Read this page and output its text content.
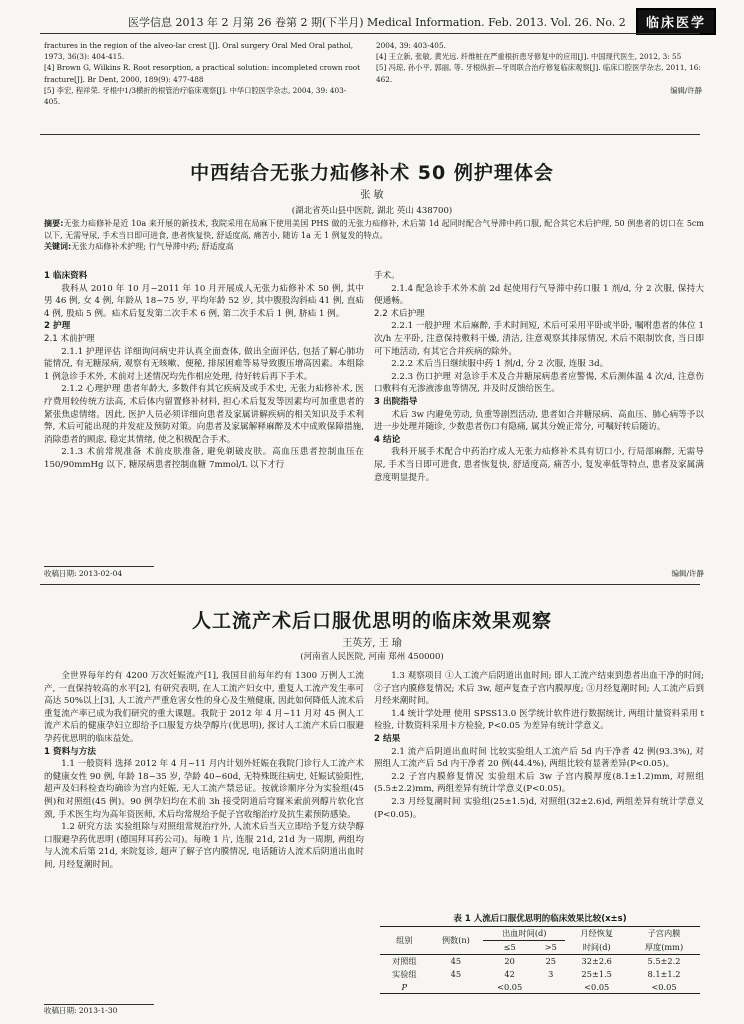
医学信息 2013 年 2 月第 26 卷第 2 期(下半月) Medical Information. Feb. 2013. Vol. 26. No. 2	临床医学
fractures in the region of the alveo-lar crest [J]. Oral surgery Oral Med Oral pathol, 1973, 36(3): 404-415.
[4] Brown G, Wilkins R. Root resorption, a practical solution: incompleted crown root fracture[J]. Br Dent, 2000, 189(9): 477-488
[5] 李宏, 程祥荣. 牙根中1/3横折的根管治疗临床观察[J]. 中华口腔医学杂志, 2004, 39: 403-405.
2004, 39: 403-405.
[4] 王立新, 张敏, 黄光远. 纤维桩在严重根折患牙修复中的应用[J]. 中国现代医生, 2012, 3: 55
[5] 冯琼, 孙小平, 郭丽, 等. 牙根纵折—牙周联合治疗修复临床观察[J]. 临床口腔医学杂志, 2011, 16: 462.
编辑/许静
中西结合无张力疝修补术 50 例护理体会
张 敏
(湖北省英山县中医院, 湖北 英山 438700)
摘要:无张力疝修补是近 10a 来开展的新技术, 我院采用在局麻下使用美国 PHS 做的无张力疝修补, 术后第 1d 起同时配合气导滞中药口服, 配合其它术后护理, 50 例患者的切口在 5cm 以下, 无需导尿, 手术当日即可进食, 患者恢复快, 舒适度高, 痛苦小, 随访 1a 无 1 例复发的特点。
关键词:无张力疝修补术护理; 行气导滞中药; 舒适度高

1 临床资料

我科从 2010 年 10 月~2011 年 10 月开展成人无张力疝修补术 50 例, 其中男 46 例, 女 4 例, 年龄从 18~75 岁, 平均年龄 52 岁, 其中腹股沟斜疝 41 例, 直疝 4 例, 股疝 5 例。疝术后复发第二次手术 6 例, 第二次手术后 1 例, 脐疝 1 例。

2 护理

2.1 术前护理

2.1.1 护理评估 详细询问病史并认真全面查体, 做出全面评估, 包括了解心肺功能情况, 有无糖尿病, 观察有无咳嗽、便秘, 排尿困难等易导致腹压增高因素。本组除 1 例急诊手术外, 术前对上述情况均先作相应处理, 待好转后再下手术。

2.1.2 心理护理 患者年龄大, 多数伴有其它疾病及或手术史, 无张力疝修补术, 医疗费用较传统方法高, 术后体内留置修补材料, 担心术后复发等因素均可加重患者的紧张焦虑情绪。因此, 医护人员必须详细向患者及家属讲解疾病的相关知识及手术利弊, 术后可能出现的并发症及预防对策。向患者及家属解释麻醉及术中成败保障措施, 消除患者的顾虑, 稳定其情绪, 使之积极配合手术。

2.1.3 术前常规准备 术前皮肤准备, 避免剃破皮肤。高血压患者控制血压在 150/90mmHg 以下, 糖尿病患者控制血糖 7mmol/L 以下才行

手术。

2.1.4 配急诊手术外术前 2d 起使用行气导滞中药口服 1 剂/d, 分 2 次服, 保持大便通畅。

2.2 术后护理

2.2.1 一般护理 术后麻醉, 手术时间短, 术后可采用平卧或半卧, 嘱咐患者的体位 1 次/h 左平卧, 注意保持敷料干燥, 清洁, 注意观察其排尿情况, 术后不限制饮食, 当日即可下地活动, 有其它合并疾病的除外。

2.2.2 术后当日继续服中药 1 剂/d, 分 2 次服, 连服 3d。

2.2.3 伤口护理 对急诊手术及合并糖尿病患者应警惕, 术后测体温 4 次/d, 注意伤口敷料有无渗液渗血等情况, 并及时反馈给医生。

3 出院指导

术后 3w 内避免劳动, 负重等剧烈活动, 患者如合并糖尿病、高血压、肺心病等予以进一步处理并随诊, 少数患者伤口有隐痛, 属其分娩正常分, 可嘱好转后随访。

4 结论

我科开展手术配合中药治疗成人无张力疝修补术具有切口小, 行局部麻醉, 无需导尿, 手术当日即可进食, 患者恢复快, 舒适度高, 痛苦小, 复发率低等特点, 患者及家属满意度明显提升。

收稿日期: 2013-02-04	编辑/许静
人工流产术后口服优思明的临床效果观察
王英芳, 王 瑜
(河南省人民医院, 河南 郑州 450000)

全世界每年约有 4200 万次妊娠流产[1], 我国目前每年约有 1300 万例人工流产, 一直保持较高的水平[2], 有研究表明, 在人工流产妇女中, 重复人工流产发生率可高达 50%以上[3], 人工流产严重危害女性的身心及生殖健康, 因此如何降低人流术后重复流产率已成为我们研究的重大课题。我院于 2012 年 4 月~11 月对 45 例人工流产术后的健康孕妇立即给予口服复方炔孕醇片(优思明), 探讨人工流产术后口服避孕药优思明的临床益处。

1 资料与方法

1.1 一般资料 选择 2012 年 4 月~11 月内计划外妊娠在我院门诊行人工流产术的健康女性 90 例, 年龄 18~35 岁, 孕龄 40~60d, 无特殊既往病史, 妊娠试验阳性, 超声及妇科检查均确诊为宫内妊娠, 无人工流产禁忌证。按就诊顺序分为实验组(45 例)和对照组(45 例)。90 例孕妇均在术前 3h 接受阴道后穹窿米索前列醇片软化宫颈, 手术医生均为高年资医师, 术后均常规给予促子宫收缩治疗及抗生素预防感染。

1.2 研究方法 实验组除与对照组常规治疗外, 人流术后当天立即给予复方炔孕醇口服避孕药优思明 (德国拜耳药公司)。每晚 1 片, 连服 21d, 21d 为一周期, 两组均与人流术后第 21d, 来院复诊, 超声了解子宫内膜情况, 电话随访人流术后阴道出血时间, 月经复潮时间。

1.3 观察项目 ①人工流产后阴道出血时间; 即人工流产结束到患者出血干净的时间; ②子宫内膜修复情况; 术后 3w, 超声复查子宫内膜厚度; ③月经复潮时间; 人工流产后到月经来潮时间。

1.4 统计学处理 使用 SPSS13.0 医学统计软件进行数据统计, 两组计量资料采用 t 检验, 计数资料采用卡方检验, P<0.05 为差异有统计学意义。

2 结果

2.1 流产后阴道出血时间 比较实验组人工流产后 5d 内干净者 42 例(93.3%), 对照组人工流产后 5d 内干净者 20 例(44.4%), 两组比较有显著差异(P<0.05)。

2.2 子宫内膜修复情况 实验组术后 3w 子宫内膜厚度(8.1±1.2)mm, 对照组(5.5±2.2)mm, 两组差异有统计学意义(P<0.05)。

2.3 月经复潮时间 实验组(25±1.5)d, 对照组(32±2.6)d, 两组差异有统计学意义(P<0.05)。

收稿日期: 2013-1-30
表 1 人流后口服优思明的临床效果比较(x±s)
组别	例数(n)	出血时间(d)		月经恢复	子宫内膜
		≤5	>5	时间(d)	厚度(mm)
对照组	45	20	25	32±2.6	5.5±2.2
实验组	45	42	3	25±1.5	8.1±1.2
P		<0.05		<0.05	<0.05
